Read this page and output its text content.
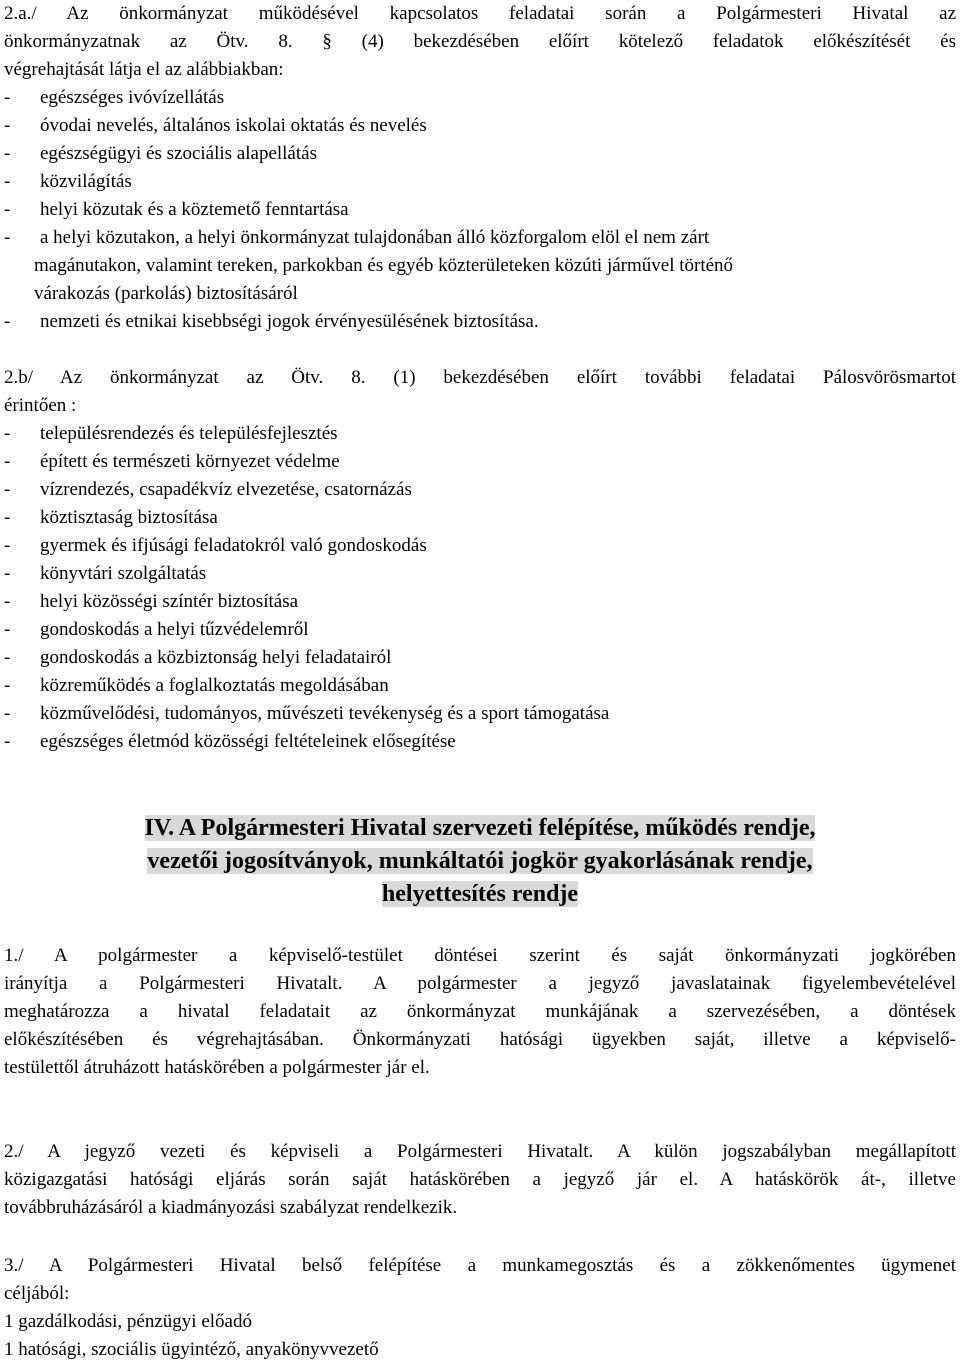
2.a./ Az önkormányzat működésével kapcsolatos feladatai során a Polgármesteri Hivatal az
önkormányzatnak az Ötv. 8. § (4) bekezdésében előírt kötelező feladatok előkészítését és
végrehajtását látja el az alábbiakban:
- egészséges ivóvízellátás
- óvodai nevelés, általános iskolai oktatás és nevelés
- egészségügyi és szociális alapellátás
- közvilágítás
- helyi közutak és a köztemető fenntartása
- a helyi közutakon, a helyi önkormányzat tulajdonában álló közforgalom elöl el nem zárt
magánutakon, valamint tereken, parkokban és egyéb közterületeken közúti járművel történő
várakozás (parkolás) biztosításáról
- nemzeti és etnikai kisebbségi jogok érvényesülésének biztosítása.
2.b/ Az önkormányzat az Ötv. 8. (1) bekezdésében előírt további feladatai Pálosvörösmartot
érintően :
- településrendezés és településfejlesztés
- épített és természeti környezet védelme
- vízrendezés, csapadékvíz elvezetése, csatornázás
- köztisztaság biztosítása
- gyermek és ifjúsági feladatokról való gondoskodás
- könyvtári szolgáltatás
- helyi közösségi színtér biztosítása
- gondoskodás a helyi tűzvédelemről
- gondoskodás a közbiztonság helyi feladatairól
- közreműködés a foglalkoztatás megoldásában
- közművelődési, tudományos, művészeti tevékenység és a sport támogatása
- egészséges életmód közösségi feltételeinek elősegítése
IV. A Polgármesteri Hivatal szervezeti felépítése, működés rendje,
vezetői jogosítványok, munkáltatói jogkör gyakorlásának rendje,
helyettesítés rendje
1./ A polgármester a képviselő-testület döntései szerint és saját önkormányzati jogkörében
irányítja a Polgármesteri Hivatalt. A polgármester a jegyző javaslatainak figyelembevételével
meghatározza a hivatal feladatait az önkormányzat munkájának a szervezésében, a döntések
előkészítésében és végrehajtásában. Önkormányzati hatósági ügyekben saját, illetve a képviselő-
testülettől átruházott hatáskörében a polgármester jár el.
2./ A jegyző vezeti és képviseli a Polgármesteri Hivatalt. A külön jogszabályban megállapított
közigazgatási hatósági eljárás során saját hatáskörében a jegyző jár el. A hatáskörök át-, illetve
továbbruházásáról a kiadmányozási szabályzat rendelkezik.
3./ A Polgármesteri Hivatal belső felépítése a munkamegosztás és a zökkenőmentes ügymenet
céljából:
1 gazdálkodási, pénzügyi előadó
1 hatósági, szociális ügyintéző, anyakönyvvezető
